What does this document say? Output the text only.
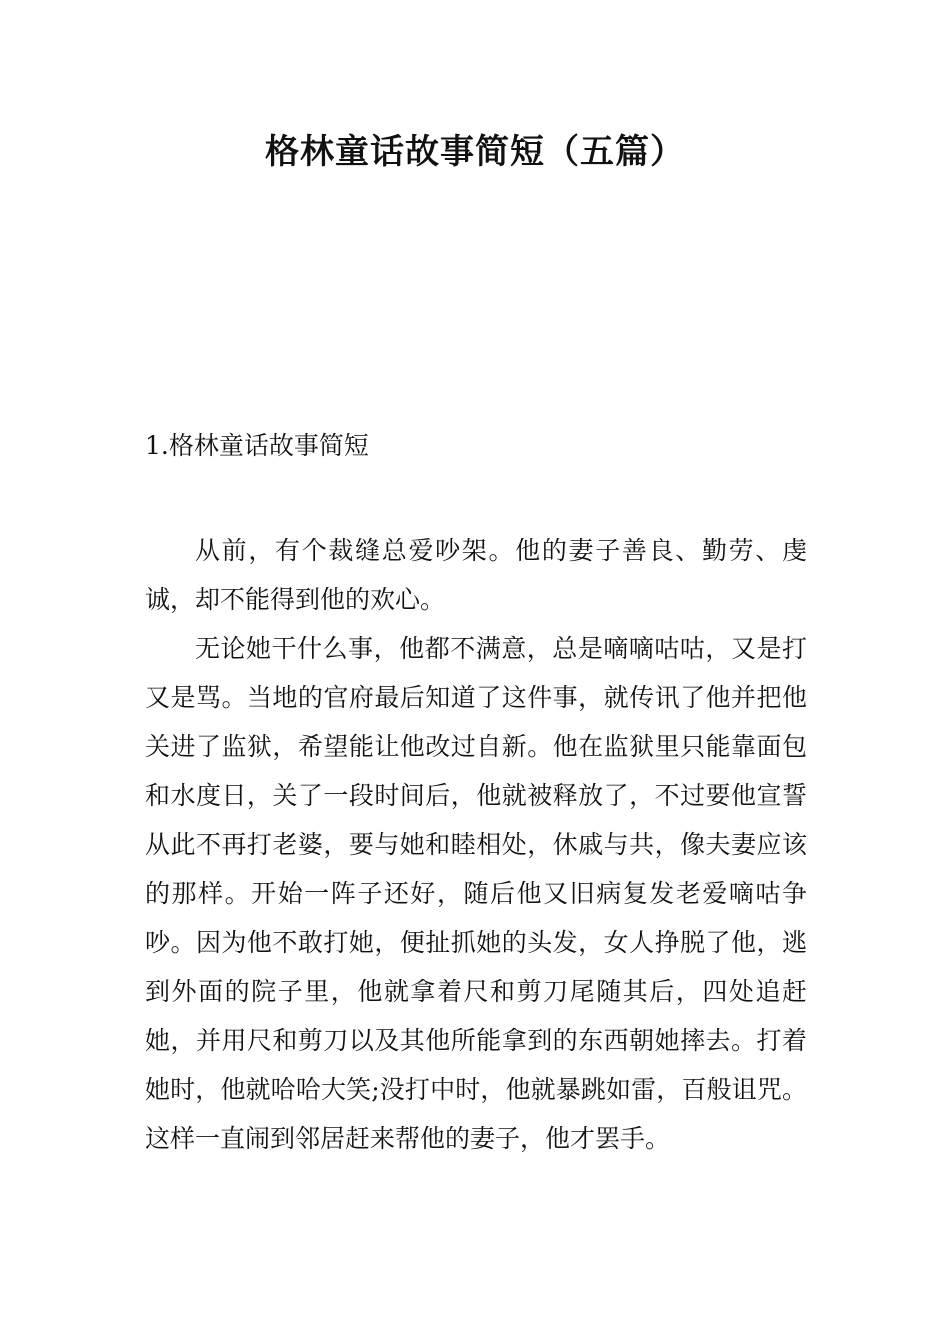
格林童话故事简短（五篇）
1.格林童话故事简短

从前，有个裁缝总爱吵架。他的妻子善良、勤劳、虔诚，却不能得到他的欢心。

无论她干什么事，他都不满意，总是嘀嘀咕咕，又是打又是骂。当地的官府最后知道了这件事，就传讯了他并把他关进了监狱，希望能让他改过自新。他在监狱里只能靠面包和水度日，关了一段时间后，他就被释放了，不过要他宣誓从此不再打老婆，要与她和睦相处，休戚与共，像夫妻应该的那样。开始一阵子还好，随后他又旧病复发老爱嘀咕争吵。因为他不敢打她，便扯抓她的头发，女人挣脱了他，逃到外面的院子里，他就拿着尺和剪刀尾随其后，四处追赶她，并用尺和剪刀以及其他所能拿到的东西朝她摔去。打着她时，他就哈哈大笑;没打中时，他就暴跳如雷，百般诅咒。这样一直闹到邻居赶来帮他的妻子，他才罢手。
